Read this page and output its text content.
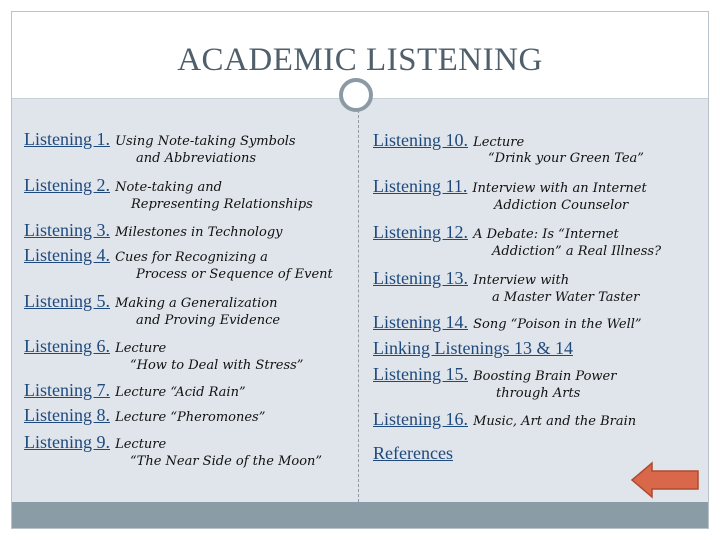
ACADEMIC LISTENING
Listening 1. Using Note-taking Symbols
and Abbreviations
Listening 2. Note-taking and
Representing Relationships
Listening 3. Milestones in Technology
Listening 4. Cues for Recognizing a
Process or Sequence of Event
Listening 5. Making a Generalization
and Proving Evidence
Listening 6. Lecture
“How to Deal with Stress”
Listening 7. Lecture “Acid Rain”
Listening 8. Lecture “Pheromones”
Listening 9. Lecture
“The Near Side of the Moon”
Listening 10. Lecture
“Drink your Green Tea”
Listening 11. Interview with an Internet
Addiction Counselor
Listening 12. A Debate: Is “Internet
Addiction” a Real Illness?
Listening 13. Interview with
a Master Water Taster
Listening 14. Song “Poison in the Well”
Linking Listenings 13 & 14
Listening 15. Boosting Brain Power
through Arts
Listening 16. Music, Art and the Brain
References
